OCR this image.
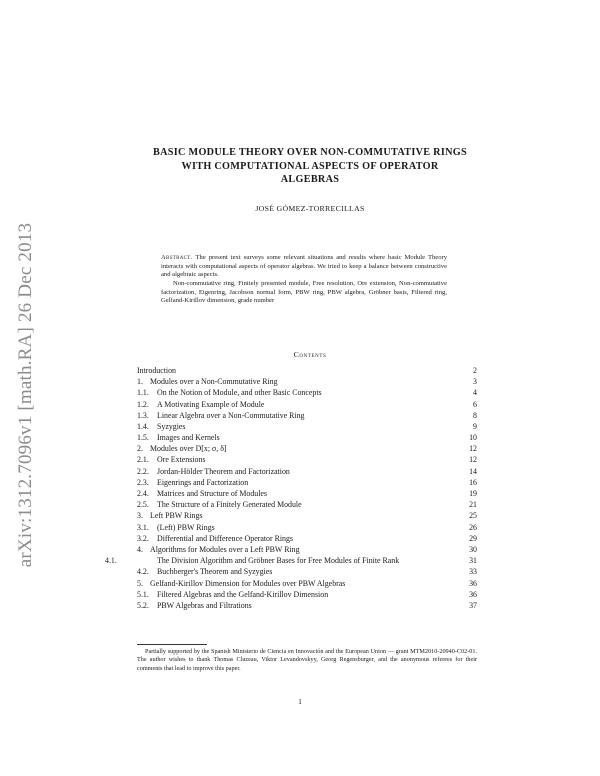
arXiv:1312.7096v1 [math.RA] 26 Dec 2013
BASIC MODULE THEORY OVER NON-COMMUTATIVE RINGS
WITH COMPUTATIONAL ASPECTS OF OPERATOR
ALGEBRAS
JOSÉ GÓMEZ-TORRECILLAS

Abstract. The present text surveys some relevant situations and results where basic Module Theory interacts with computational aspects of operator algebras. We tried to keep a balance between constructive and algebraic aspects.

Non-commutative ring, Finitely presented module, Free resolution, Ore extension, Non-commutative factorization, Eigenring, Jacobson normal form, PBW ring, PBW algebra, Gröbner basis, Filtered ring, Gelfand-Kirillov dimension, grade number

Contents
Introduction	2
1. Modules over a Non-Commutative Ring	3
1.1. On the Notion of Module, and other Basic Concepts	4
1.2. A Motivating Example of Module	6
1.3. Linear Algebra over a Non-Commutative Ring	8
1.4. Syzygies	9
1.5. Images and Kernels	10
2. Modules over D[x; σ, δ]	12
2.1. Ore Extensions	12
2.2. Jordan-Hölder Theorem and Factorization	14
2.3. Eigenrings and Factorization	16
2.4. Matrices and Structure of Modules	19
2.5. The Structure of a Finitely Generated Module	21
3. Left PBW Rings	25
3.1. (Left) PBW Rings	26
3.2. Differential and Difference Operator Rings	29
4. Algorithms for Modules over a Left PBW Ring	30
4.1.	The Division Algorithm and Gröbner Bases for Free Modules of Finite Rank	31
4.2. Buchberger's Theorem and Syzygies	33
5. Gelfand-Kirillov Dimension for Modules over PBW Algebras	36
5.1. Filtered Algebras and the Gelfand-Kirillov Dimension	36
5.2. PBW Algebras and Filtrations	37

Partially supported by the Spanish Ministerio de Ciencia en Innovación and the European Union — grant MTM2010-20940-C02-01. The author wishes to thank Thomas Cluzeau, Viktor Levandovskyy, Georg Regensburger, and the anonymous referees for their comments that lead to improve this paper.

1
